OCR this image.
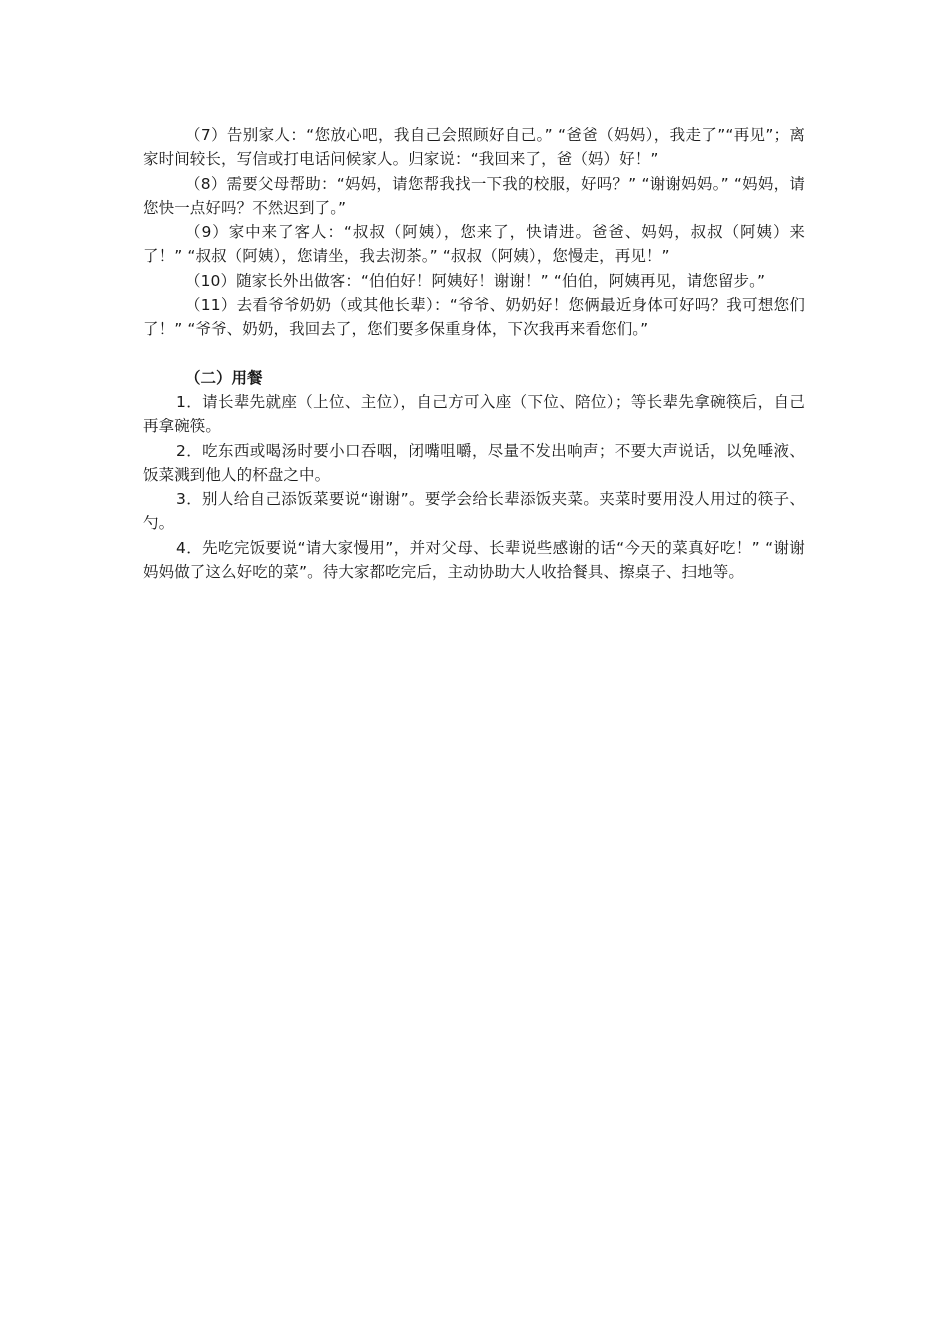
（7）告别家人：“您放心吧，我自己会照顾好自己。” “爸爸（妈妈），我走了”“再见”；离家时间较长，写信或打电话问候家人。归家说：“我回来了，爸（妈）好！”

（8）需要父母帮助：“妈妈，请您帮我找一下我的校服，好吗？” “谢谢妈妈。” “妈妈，请您快一点好吗？不然迟到了。”

（9）家中来了客人：“叔叔（阿姨），您来了，快请进。爸爸、妈妈，叔叔（阿姨）来了！” “叔叔（阿姨），您请坐，我去沏茶。” “叔叔（阿姨），您慢走，再见！”

（10）随家长外出做客：“伯伯好！阿姨好！谢谢！” “伯伯，阿姨再见，请您留步。”

（11）去看爷爷奶奶（或其他长辈）：“爷爷、奶奶好！您俩最近身体可好吗？我可想您们了！” “爷爷、奶奶，我回去了，您们要多保重身体，下次我再来看您们。”

（二）用餐

1．请长辈先就座（上位、主位），自己方可入座（下位、陪位）；等长辈先拿碗筷后，自己再拿碗筷。

2．吃东西或喝汤时要小口吞咽，闭嘴咀嚼，尽量不发出响声；不要大声说话，以免唾液、饭菜溅到他人的杯盘之中。

3．别人给自己添饭菜要说“谢谢”。要学会给长辈添饭夹菜。夹菜时要用没人用过的筷子、勺。

4．先吃完饭要说“请大家慢用”，并对父母、长辈说些感谢的话“今天的菜真好吃！” “谢谢妈妈做了这么好吃的菜”。待大家都吃完后，主动协助大人收拾餐具、擦桌子、扫地等。
